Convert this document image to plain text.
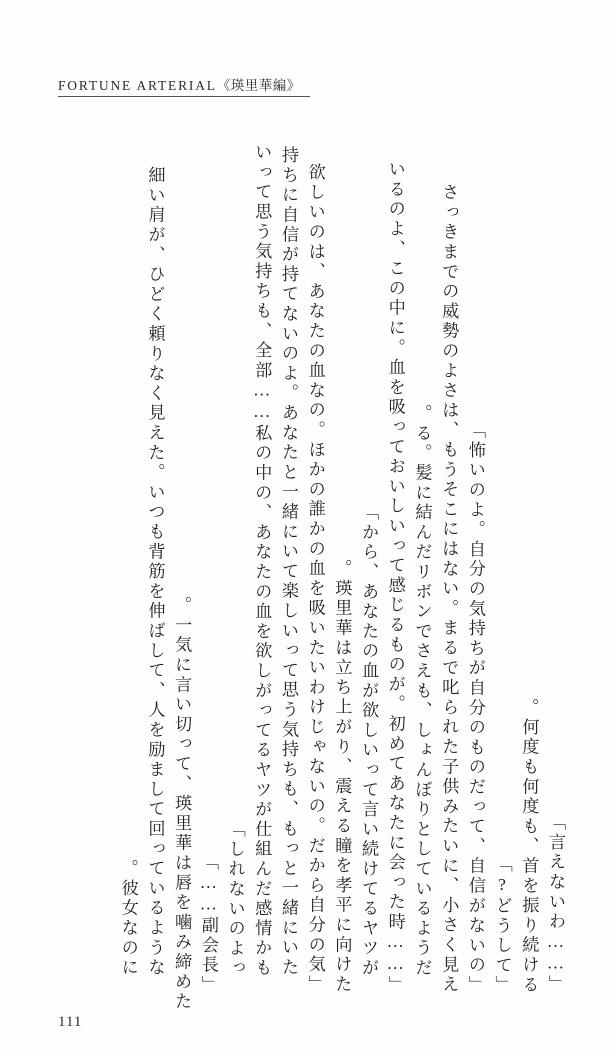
FORTUNE ARTERIAL《瑛里華編》
「……言えないわ」
何度も何度も、首を振り続ける。
「どうして?」
「怖いのよ。自分の気持ちが自分のものだって、自信がないの」
さっきまでの威勢のよさは、もうそこにはない。まるで叱られた子供みたいに、小さく見え
る。髪に結んだリボンでさえも、しょんぼりとしているようだ。
「……いるのよ、この中に。血を吸っておいしいって感じるものが。初めてあなたに会った時
から、あなたの血が欲しいって言い続けてるヤツが」
瑛里華は立ち上がり、震える瞳を孝平に向けた。
「欲しいのは、あなたの血なの。ほかの誰かの血を吸いたいわけじゃないの。だから自分の気
持ちに自信が持てないのよ。あなたと一緒にいて楽しいって思う気持ちも、もっと一緒にいた
いって思う気持ちも、全部……私の中の、あなたの血を欲しがってるヤツが仕組んだ感情かも
しれないのよっ」
「副会長……」
一気に言い切って、瑛里華は唇を噛み締めた。
細い肩が、ひどく頼りなく見えた。いつも背筋を伸ばして、人を励まして回っているような
彼女なのに。
111
